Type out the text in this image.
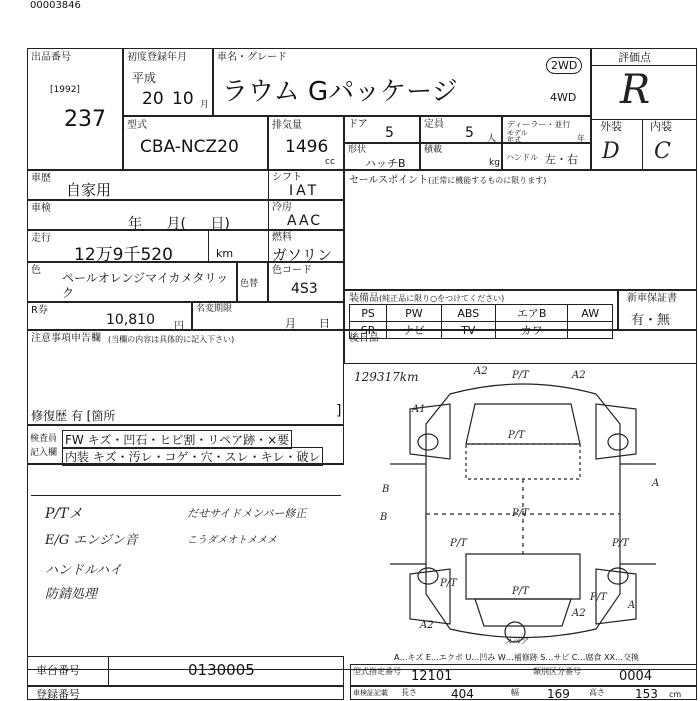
00003846
出品番号
[1992]
237
初度登録年月
平成
20 10 月
車名・グレード
ラウム Gパッケージ
2WD
4WD
評価点
R
外装	内装
D C
型式
CBA-NCZ20
排気量
1496
cc
ドア
5
定員
5 人
ディーラー・並行
モデル年式	年
形状
ハッチB
積載
kg
ハンドル 左・右
車歴
自家用
シフト
IAT
車検
年 月( 日)
冷房
AAC
走行
12万9千520	km
燃料
ガソリン
色
ペールオレンジマイカメタリック
色替
色コード
4S3
R券
10,810 円
名変期限
月 日
注意事項申告欄 (当欄の内容は具体的に記入下さい)
修復歴 有 [箇所	]
セールスポイント(正常に機能するものに限ります)
装備品(純正品に限り○をつけてください)
PS	PW	ABS	エアB	AW
SR	ナビ	TV	カワ	
新車保証書
有・無
後日品
検査員
記入欄
FW キズ・凹石・ヒビ割・リペア跡・×要
内装 キズ・汚レ・コゲ・穴・スレ・キレ・破レ
P/Tメ
E/G エンジン音
ハンドルハイ
防錆処理
だせサイドメンバー修正
こうダメオトメメメ
129317km	A2 P/T	A2
A1
P/T
P/T
B
B
A
P/T	P/T
P/T
A2
P/T
P/T
A
A2
スペア
A…キズ E…エクボ U…凹み W…補修跡 S…サビ C…腐食 XX…交換
車台番号	0130005
登録番号
型式指定番号 12101	類別区分番号	0004
車検証記載 長さ	404	幅 169 高さ	153 cm
